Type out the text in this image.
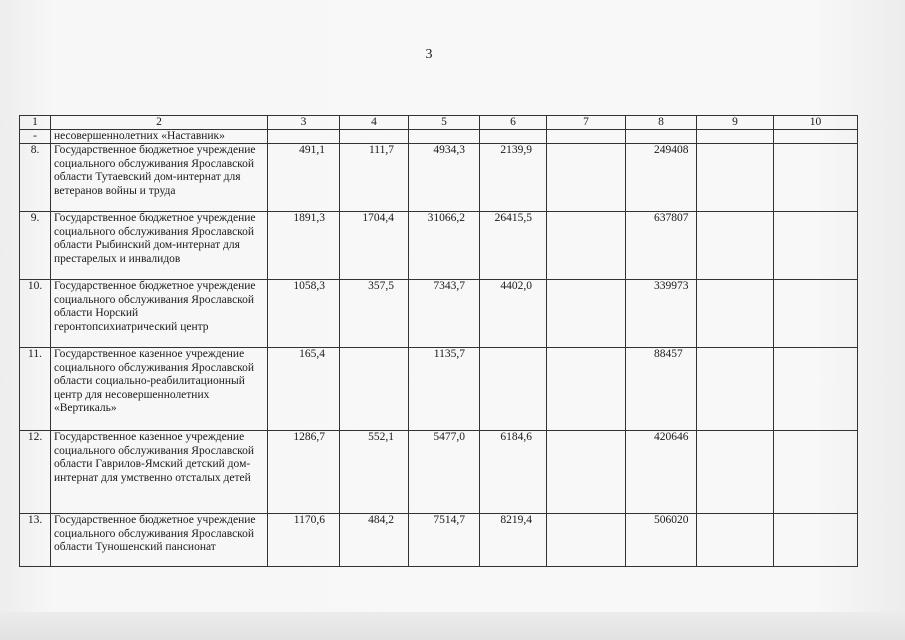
3
1	2	3	4	5	6	7	8	9	10
-	несовершеннолетних «Наставник»								
8.	Государственное бюджетное учреждение социального обслуживания Ярославской области Тутаевский дом-интернат для ветеранов войны и труда	491,1	111,7	4934,3	2139,9		249408		
9.	Государственное бюджетное учреждение социального обслуживания Ярославской области Рыбинский дом-интернат для престарелых и инвалидов	1891,3	1704,4	31066,2	26415,5		637807		
10.	Государственное бюджетное учреждение социального обслуживания Ярославской области Норский геронтопсихиатрический центр	1058,3	357,5	7343,7	4402,0		339973		
11.	Государственное казенное учреждение социального обслуживания Ярославской области социально-реабилитационный центр для несовершеннолетних «Вертикаль»	165,4		1135,7			88457		
12.	Государственное казенное учреждение социального обслуживания Ярославской области Гаврилов-Ямский детский дом-интернат для умственно отсталых детей	1286,7	552,1	5477,0	6184,6		420646		
13.	Государственное бюджетное учреждение социального обслуживания Ярославской области Туношенский пансионат	1170,6	484,2	7514,7	8219,4		506020		
